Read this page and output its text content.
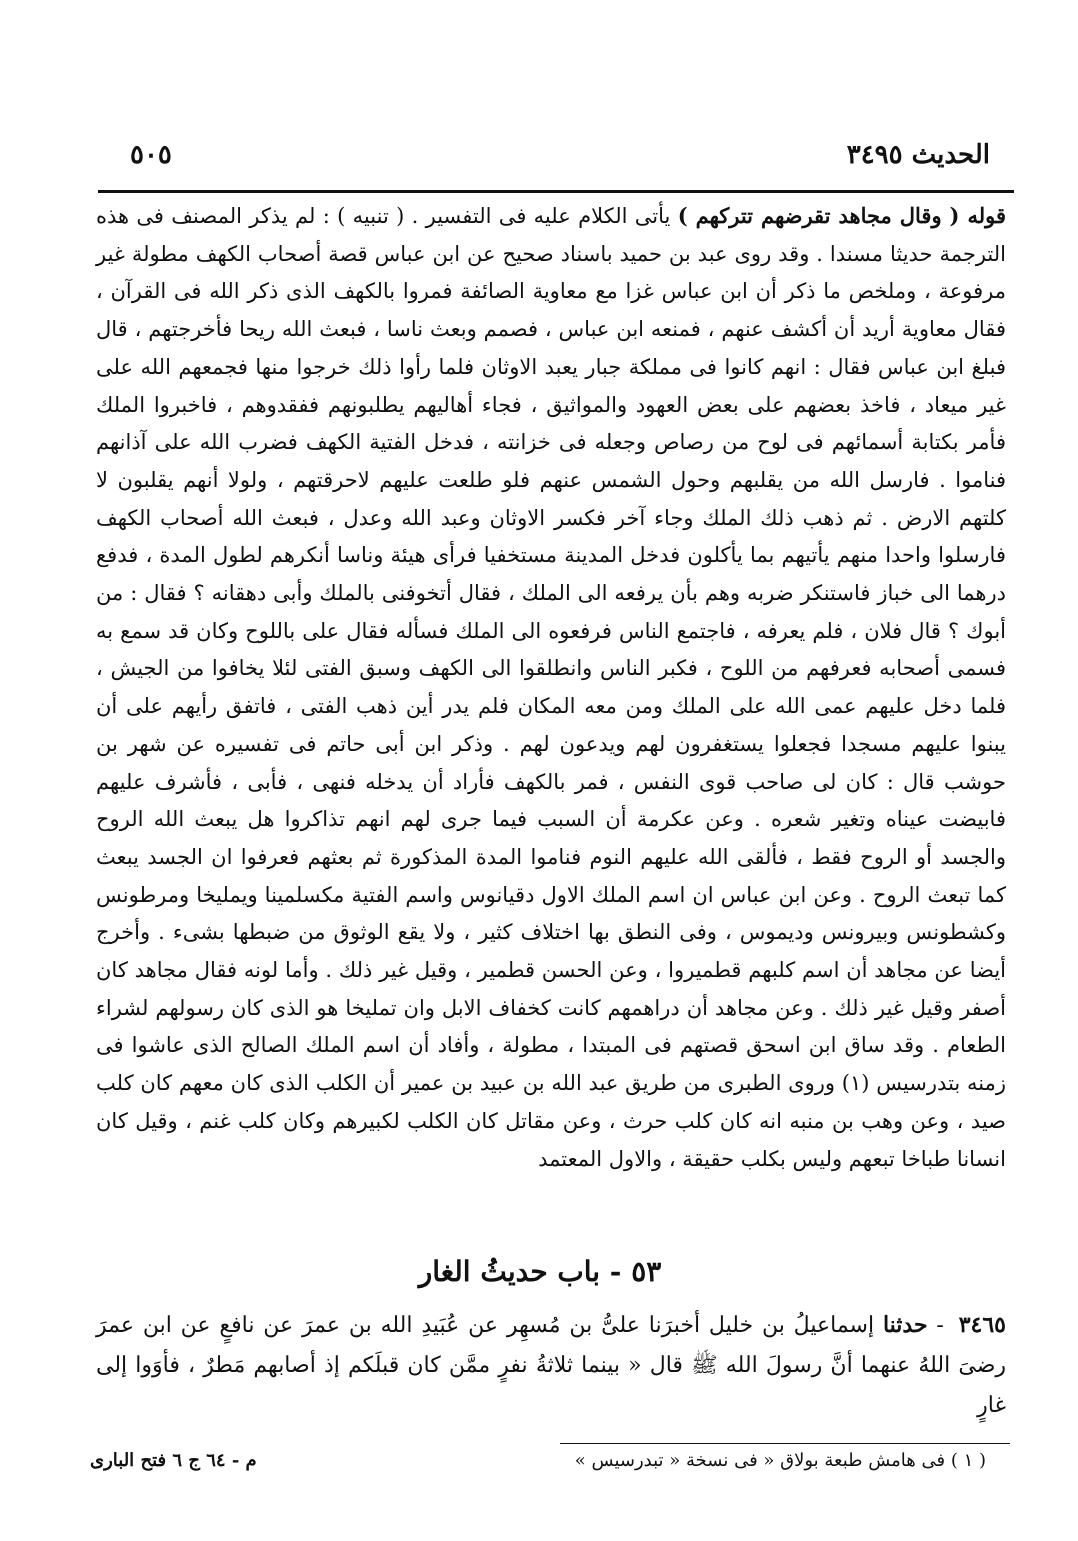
الحديث ٣٤٩٥
٥٠٥

قوله ( وقال مجاهد تقرضهم تتركهم ) يأتى الكلام عليه فى التفسير . ( تنبيه ) : لم يذكر المصنف فى هذه الترجمة حديثا مسندا . وقد روى عبد بن حميد باسناد صحيح عن ابن عباس قصة أصحاب الكهف مطولة غير مرفوعة ، وملخص ما ذكر أن ابن عباس غزا مع معاوية الصائفة فمروا بالكهف الذى ذكر الله فى القرآن ، فقال معاوية أريد أن أكشف عنهم ، فمنعه ابن عباس ، فصمم وبعث ناسا ، فبعث الله ريحا فأخرجتهم ، قال فبلغ ابن عباس فقال : انهم كانوا فى مملكة جبار يعبد الاوثان فلما رأوا ذلك خرجوا منها فجمعهم الله على غير ميعاد ، فاخذ بعضهم على بعض العهود والمواثيق ، فجاء أهاليهم يطلبونهم ففقدوهم ، فاخبروا الملك فأمر بكتابة أسمائهم فى لوح من رصاص وجعله فى خزانته ، فدخل الفتية الكهف فضرب الله على آذانهم فناموا . فارسل الله من يقلبهم وحول الشمس عنهم فلو طلعت عليهم لاحرقتهم ، ولولا أنهم يقلبون لا كلتهم الارض . ثم ذهب ذلك الملك وجاء آخر فكسر الاوثان وعبد الله وعدل ، فبعث الله أصحاب الكهف فارسلوا واحدا منهم يأتيهم بما يأكلون فدخل المدينة مستخفيا فرأى هيئة وناسا أنكرهم لطول المدة ، فدفع درهما الى خباز فاستنكر ضربه وهم بأن يرفعه الى الملك ، فقال أتخوفنى بالملك وأبى دهقانه ؟ فقال : من أبوك ؟ قال فلان ، فلم يعرفه ، فاجتمع الناس فرفعوه الى الملك فسأله فقال على باللوح وكان قد سمع به فسمى أصحابه فعرفهم من اللوح ، فكبر الناس وانطلقوا الى الكهف وسبق الفتى لئلا يخافوا من الجيش ، فلما دخل عليهم عمى الله على الملك ومن معه المكان فلم يدر أين ذهب الفتى ، فاتفق رأيهم على أن يبنوا عليهم مسجدا فجعلوا يستغفرون لهم ويدعون لهم . وذكر ابن أبى حاتم فى تفسيره عن شهر بن حوشب قال : كان لى صاحب قوى النفس ، فمر بالكهف فأراد أن يدخله فنهى ، فأبى ، فأشرف عليهم فابيضت عيناه وتغير شعره . وعن عكرمة أن السبب فيما جرى لهم انهم تذاكروا هل يبعث الله الروح والجسد أو الروح فقط ، فألقى الله عليهم النوم فناموا المدة المذكورة ثم بعثهم فعرفوا ان الجسد يبعث كما تبعث الروح . وعن ابن عباس ان اسم الملك الاول دقيانوس واسم الفتية مكسلمينا ويمليخا ومرطونس وكشطونس وبيرونس وديموس ، وفى النطق بها اختلاف كثير ، ولا يقع الوثوق من ضبطها بشىء . وأخرج أيضا عن مجاهد أن اسم كلبهم قطميروا ، وعن الحسن قطمير ، وقيل غير ذلك . وأما لونه فقال مجاهد كان أصفر وقيل غير ذلك . وعن مجاهد أن دراهمهم كانت كخفاف الابل وان تمليخا هو الذى كان رسولهم لشراء الطعام . وقد ساق ابن اسحق قصتهم فى المبتدا ، مطولة ، وأفاد أن اسم الملك الصالح الذى عاشوا فى زمنه بتدرسيس (١) وروى الطبرى من طريق عبد الله بن عبيد بن عمير أن الكلب الذى كان معهم كان كلب صيد ، وعن وهب بن منبه انه كان كلب حرث ، وعن مقاتل كان الكلب لكبيرهم وكان كلب غنم ، وقيل كان انسانا طباخا تبعهم وليس بكلب حقيقة ، والاول المعتمد

٥٣ - باب حديثُ الغار
٣٤٦٥ - حدثنا إسماعيلُ بن خليل أخبرَنا علىُّ بن مُسهِر عن عُبَيدِ الله بن عمرَ عن نافعٍ عن ابن عمرَ رضىَ اللهُ عنهما أنَّ رسولَ الله ﷺ قال « بينما ثلاثةُ نفرٍ ممَّن كان قبلَكم إذ أصابهم مَطرٌ ، فأوَوا إلى غارٍ
( ١ ) فى هامش طبعة بولاق « فى نسخة « تبدرسيس »
م - ٦٤ ج ٦ فتح البارى
